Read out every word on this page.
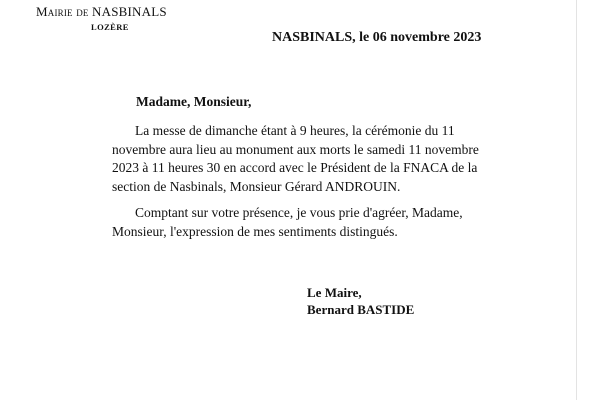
Mairie de NASBINALS
LOZÈRE
NASBINALS, le 06 novembre 2023
Madame, Monsieur,
La messe de dimanche étant à 9 heures, la cérémonie du 11 novembre aura lieu au monument aux morts le samedi 11 novembre 2023 à 11 heures 30 en accord avec le Président de la FNACA de la section de Nasbinals, Monsieur Gérard ANDROUIN.
Comptant sur votre présence, je vous prie d'agréer, Madame, Monsieur, l'expression de mes sentiments distingués.
Le Maire,
Bernard BASTIDE
